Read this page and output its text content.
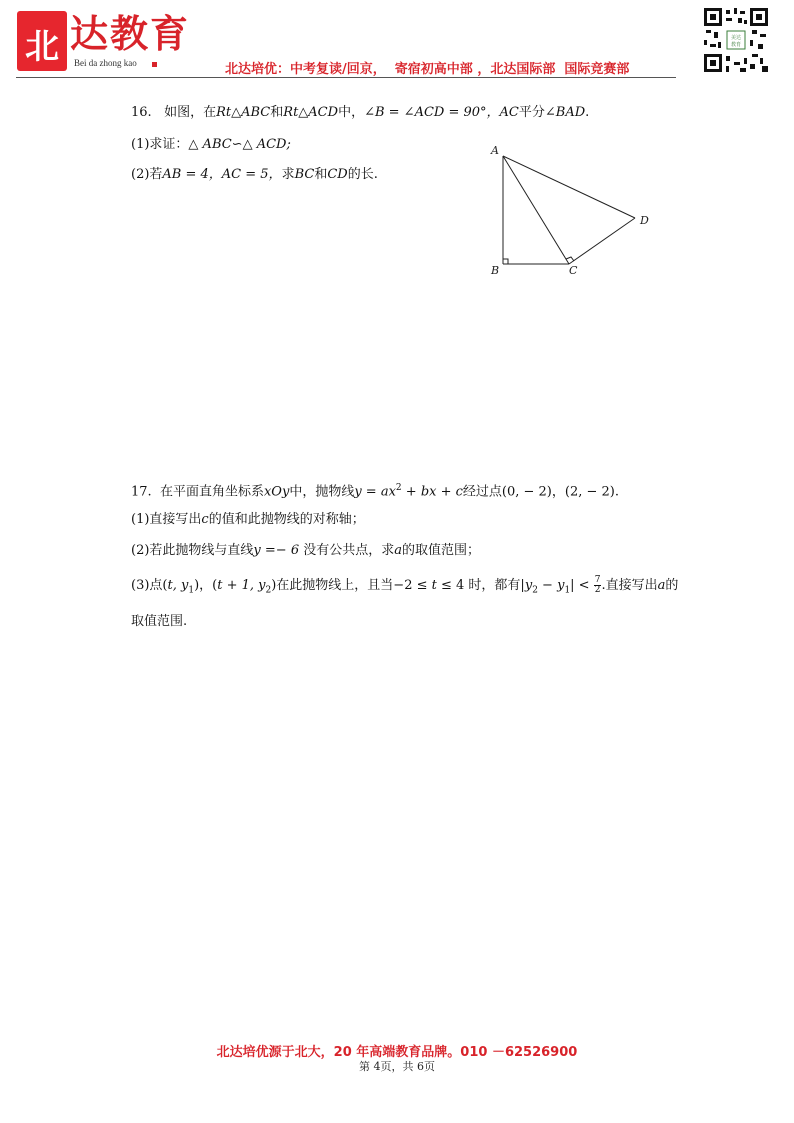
北 达教育
Bei da zhong kao	北达培优：中考复读/回京，  寄宿初高中部 ，北达国际部  国际竞赛部
美达
教育
16. 如图，在Rt△ABC和Rt△ACD中，∠B = ∠ACD = 90°，AC平分∠BAD.
(1)求证：△ ABC∽△ ACD;
(2)若AB = 4，AC = 5，求BC和CD的长.
A
B	C
D
17. 在平面直角坐标系xOy中，抛物线$y = ax^2$ + bx + c经过点(0, − 2)，(2, − 2).
(1)直接写出c的值和此抛物线的对称轴；
(2)若此抛物线与直线y =− 6 没有公共点，求a的取值范围；
(3)点(t, $y_1$)，(t + 1, $y_2$)在此抛物线上，且当−2 ≤ t ≤ 4 时，都有$|y_2 - y_1| < \frac{7}{2}$ .直接写出a的
取值范围.
北达培优源于北大，20 年高端教育品牌。010 －62526900
第 4页，共 6页
